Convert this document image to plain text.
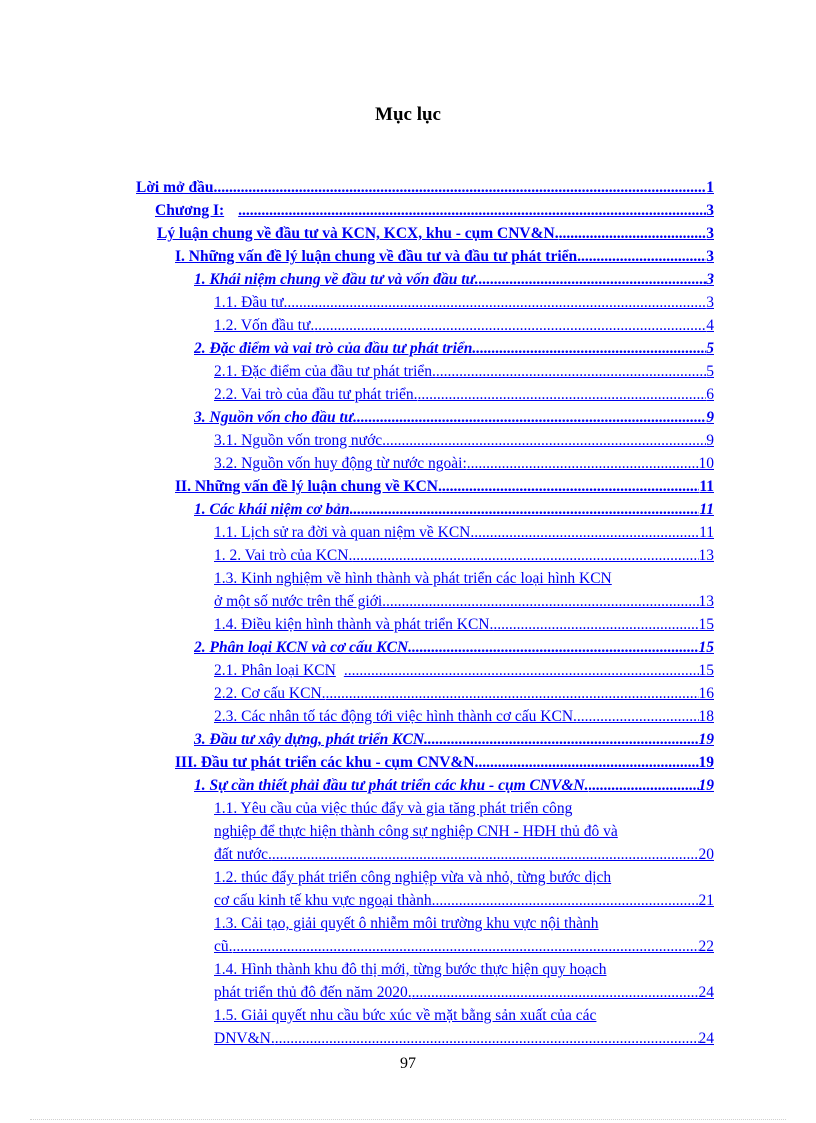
Mục lục
Lời mở đầu .....	1
Chương I: .....	3
Lý luận chung về đầu tư và KCN, KCX, khu - cụm CNV&N. .....	3
I. Những vấn đề lý luận chung về đầu tư và đầu tư phát triển. .....	3
1. Khái niệm chung về đầu tư và vốn đầu tư. .....	3
1.1. Đầu tư. .....	3
1.2. Vốn đầu tư. .....	4
2. Đặc điểm và vai trò của đầu tư phát triển. .....	5
2.1. Đặc điểm của đầu tư phát triển. .....	5
2.2. Vai trò của đầu tư phát triển. .....	6
3. Nguồn vốn cho đầu tư. .....	9
3.1. Nguồn vốn trong nước. .....	9
3.2. Nguồn vốn huy động từ nước ngoài: .....	10
II. Những vấn đề lý luận chung về KCN. .....	11
1. Các khái niệm cơ bản .....	11
1.1. Lịch sử ra đời và quan niệm về KCN. .....	11
1. 2. Vai trò của KCN. .....	13
1.3. Kinh nghiệm về hình thành và phát triển các loại hình KCN
ở một số nước trên thế giới. .....	13
1.4. Điều kiện hình thành và phát triển KCN. .....	15
2. Phân loại KCN và cơ cấu KCN. .....	15
2.1. Phân loại KCN .....	15
2.2. Cơ cấu KCN. .....	16
2.3. Các nhân tố tác động tới việc hình thành cơ cấu KCN. .....	18
3. Đầu tư xây dựng, phát triển KCN. .....	19
III. Đầu tư phát triển các khu - cụm CNV&N. .....	19
1. Sự cần thiết phải đầu tư phát triển các khu - cụm CNV&N. .....	19
1.1. Yêu cầu của việc thúc đẩy và gia tăng phát triển công
nghiệp để thực hiện thành công sự nghiệp CNH - HĐH thủ đô và
đất nước. .....	20
1.2. thúc đẩy phát triển công nghiệp vừa và nhỏ, từng bước dịch
cơ cấu kinh tế khu vực ngoại thành. .....	21
1.3. Cải tạo, giải quyết ô nhiễm môi trường khu vực nội thành
cũ. .....	22
1.4. Hình thành khu đô thị mới, từng bước thực hiện quy hoạch
phát triển thủ đô đến năm 2020. .....	24
1.5. Giải quyết nhu cầu bức xúc về mặt bằng sản xuất của các
DNV&N. .....	24
97
